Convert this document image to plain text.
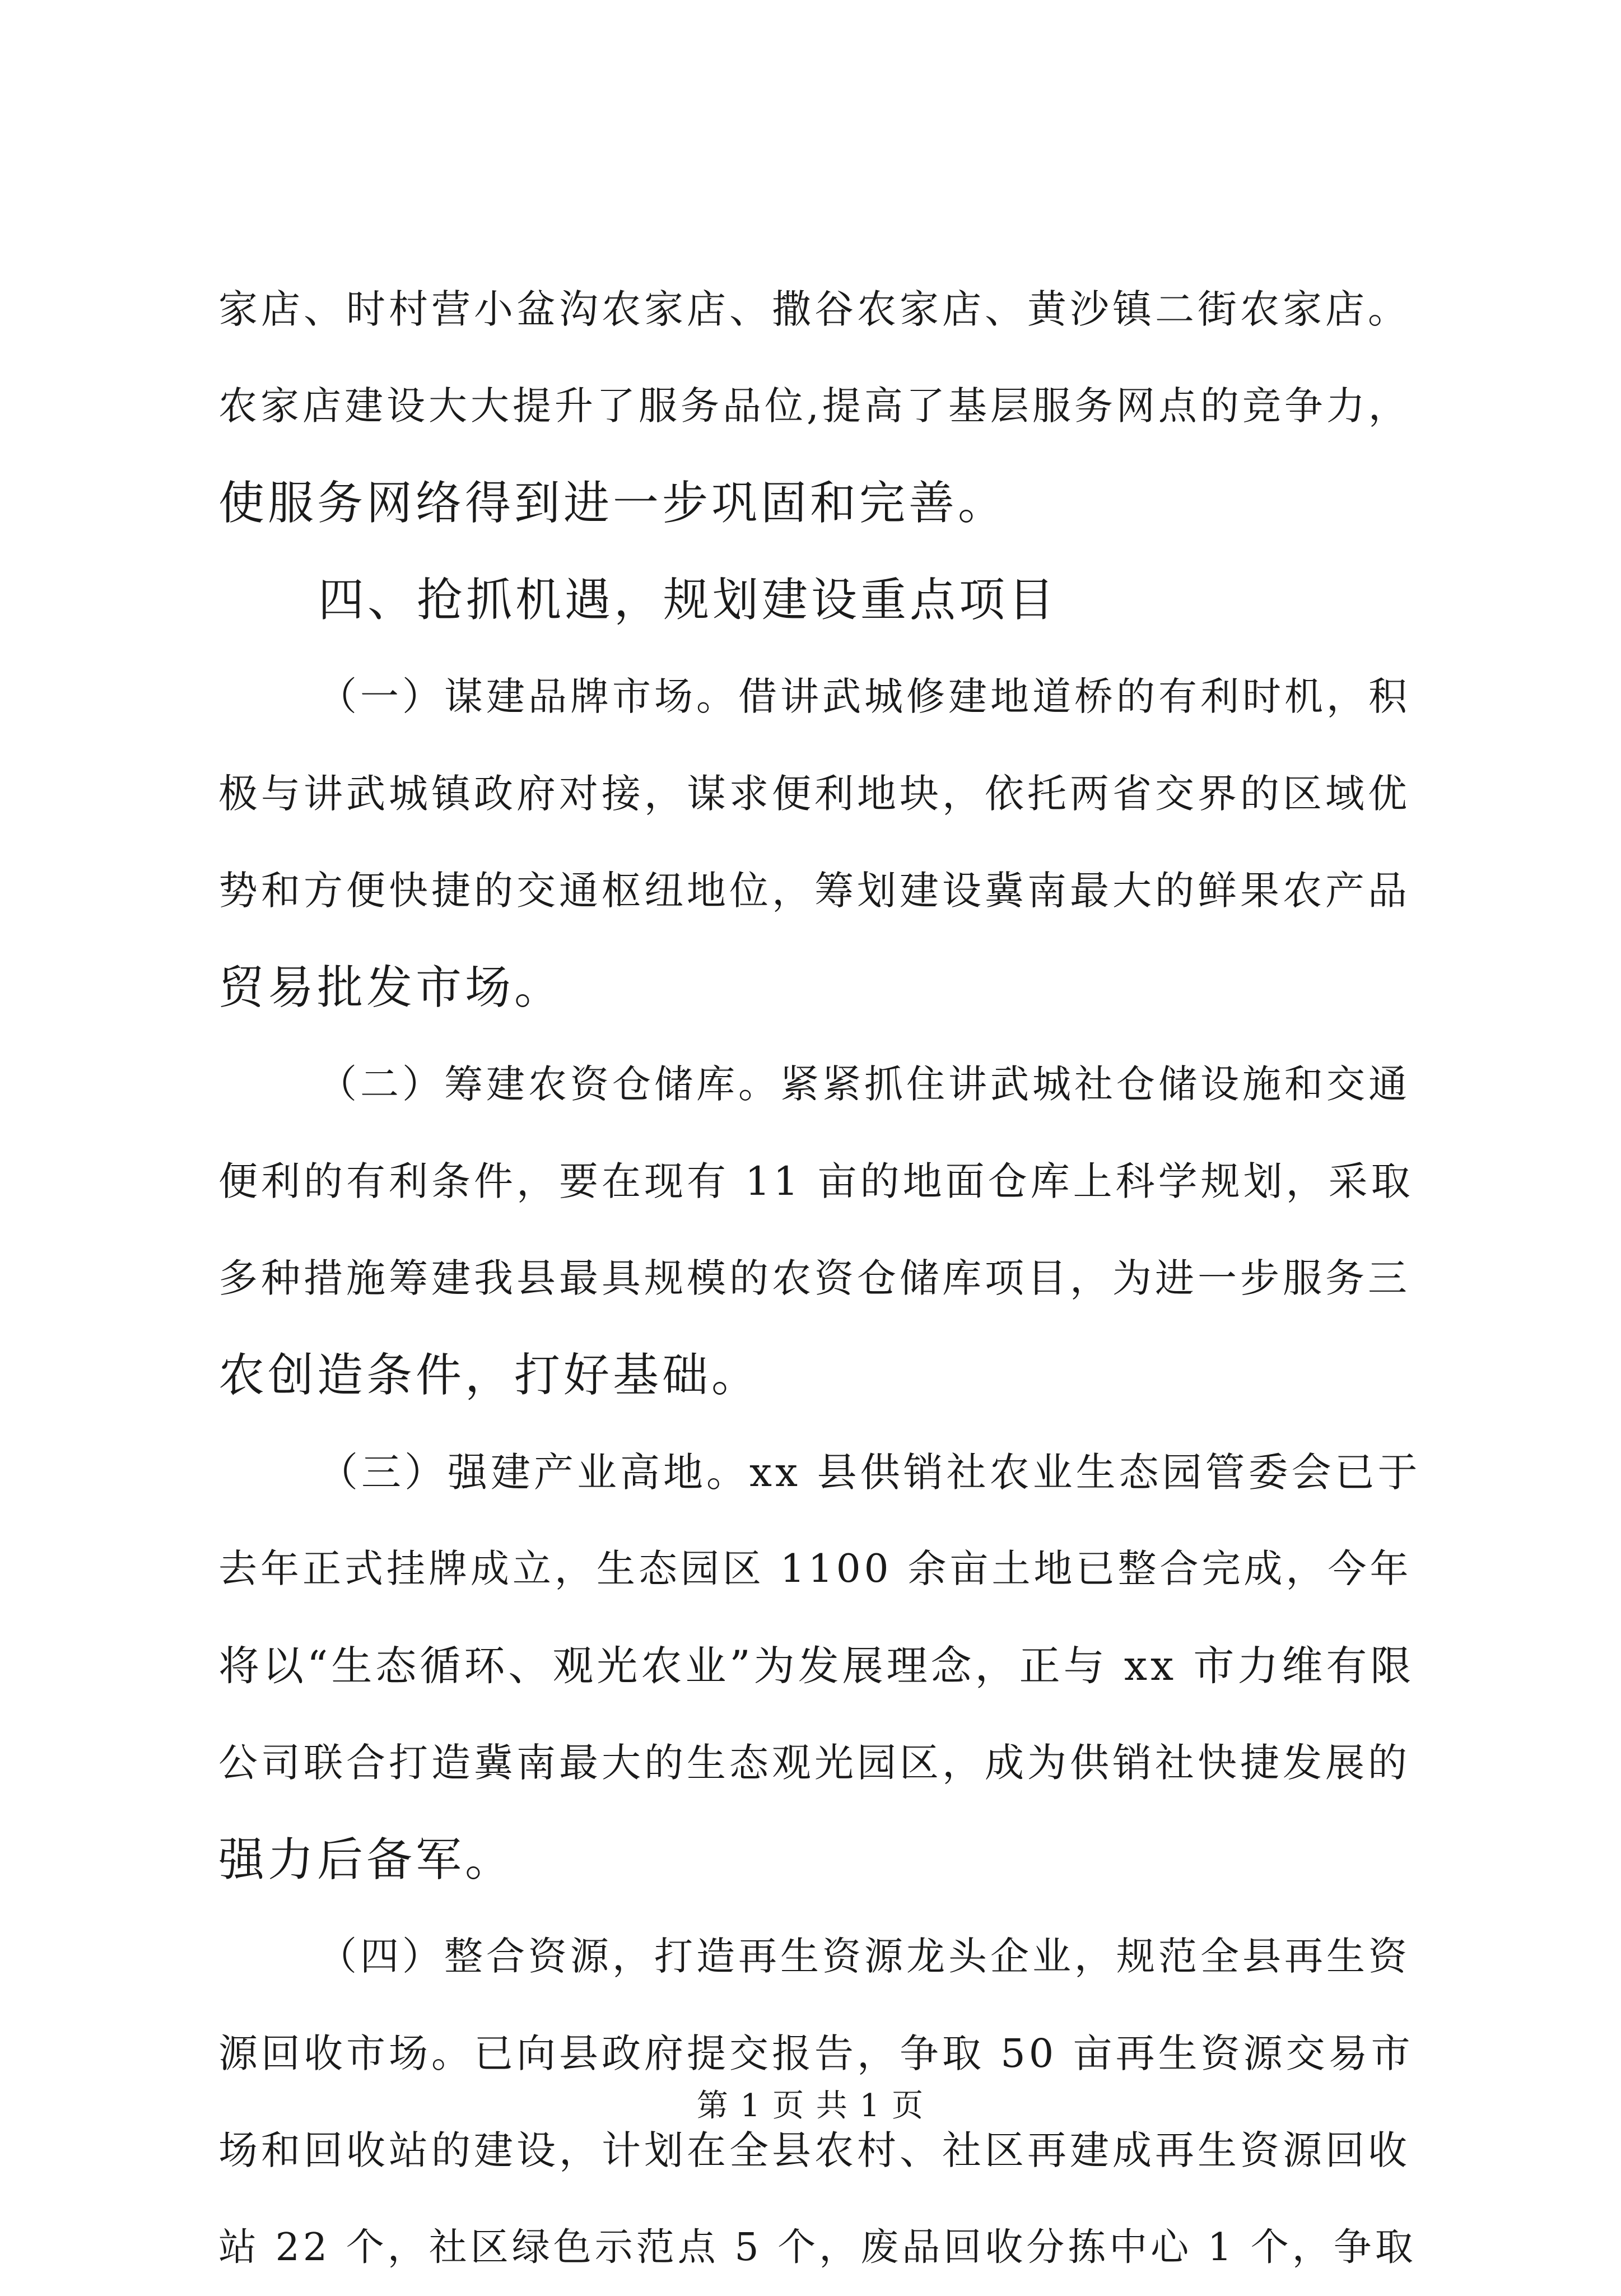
家店、时村营小盆沟农家店、撒谷农家店、黄沙镇二街农家店。
农家店建设大大提升了服务品位,提高了基层服务网点的竞争力，
使服务网络得到进一步巩固和完善。
四、抢抓机遇，规划建设重点项目
（一）谋建品牌市场。借讲武城修建地道桥的有利时机，积
极与讲武城镇政府对接，谋求便利地块，依托两省交界的区域优
势和方便快捷的交通枢纽地位，筹划建设冀南最大的鲜果农产品
贸易批发市场。
（二）筹建农资仓储库。紧紧抓住讲武城社仓储设施和交通
便利的有利条件，要在现有 11 亩的地面仓库上科学规划，采取
多种措施筹建我县最具规模的农资仓储库项目，为进一步服务三
农创造条件，打好基础。
（三）强建产业高地。xx 县供销社农业生态园管委会已于
去年正式挂牌成立，生态园区 1100 余亩土地已整合完成，今年
将以“生态循环、观光农业”为发展理念，正与 xx 市力维有限
公司联合打造冀南最大的生态观光园区，成为供销社快捷发展的
强力后备军。
（四）整合资源，打造再生资源龙头企业，规范全县再生资
源回收市场。已向县政府提交报告，争取 50 亩再生资源交易市
场和回收站的建设，计划在全县农村、社区再建成再生资源回收
站 22 个，社区绿色示范点 5 个，废品回收分拣中心 1 个，争取
第 1 页 共 1 页
